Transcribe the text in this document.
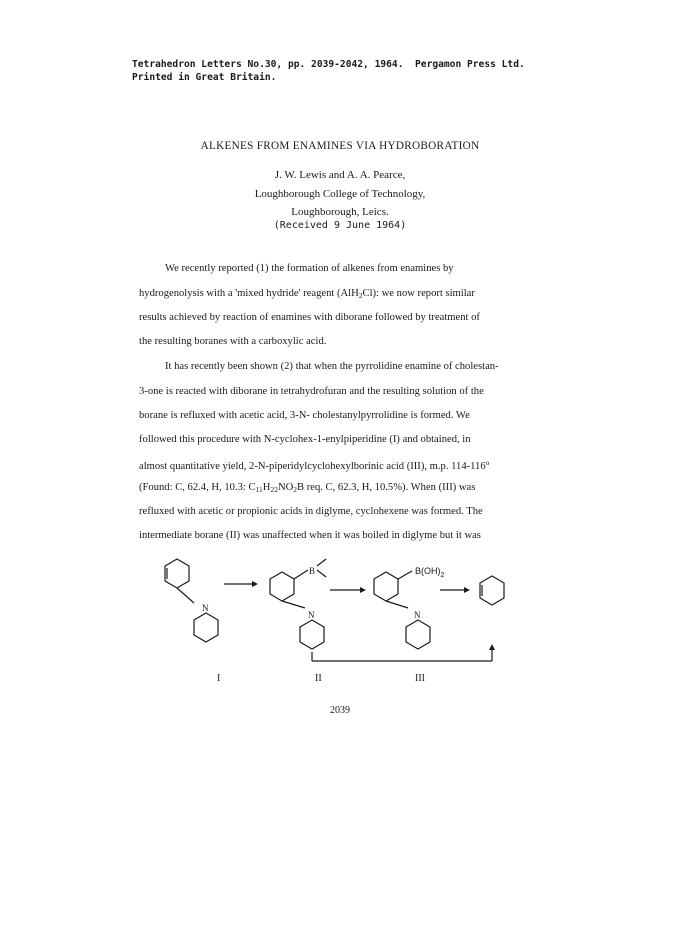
Tetrahedron Letters No.30, pp. 2039-2042, 1964.  Pergamon Press Ltd.
Printed in Great Britain.
ALKENES FROM ENAMINES VIA HYDROBORATION
J. W. Lewis and A. A. Pearce,
Loughborough College of Technology,
Loughborough, Leics.
(Received 9 June 1964)
We recently reported (1) the formation of alkenes from enamines by
hydrogenolysis with a 'mixed hydride' reagent (AlH$_2$Cl): we now report similar
results achieved by reaction of enamines with diborane followed by treatment of
the resulting boranes with a carboxylic acid.
It has recently been shown (2) that when the pyrrolidine enamine of cholestan-
3-one is reacted with diborane in tetrahydrofuran and the resulting solution of the
borane is refluxed with acetic acid, 3-N- cholestanylpyrrolidine is formed. We
followed this procedure with N-cyclohex-1-enylpiperidine (I) and obtained, in
almost quantitative yield, 2-N-piperidylcyclohexylborinic acid (III), m.p. 114-116$^o$
(Found: C, 62.4, H, 10.3: $C_{11}H_{22}NO_2B$ req. C, 62.3, H, 10.5%). When (III) was
refluxed with acetic or propionic acids in diglyme, cyclohexene was formed. The
intermediate borane (II) was unaffected when it was boiled in diglyme but it was
N
B
N
$B(OH)_2$
N
I	II	III
2039
